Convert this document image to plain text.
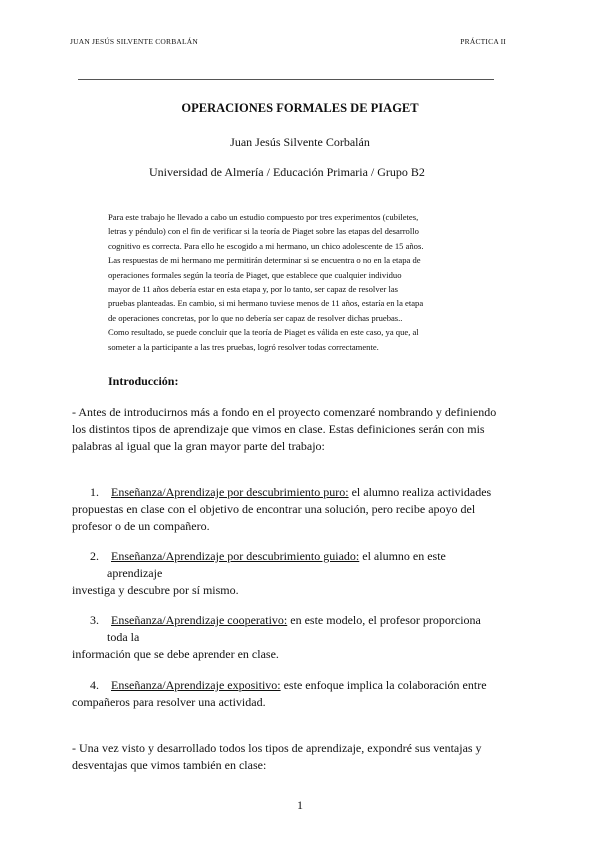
JUAN JESÚS SILVENTE CORBALÁN	PRÁCTICA II
OPERACIONES FORMALES DE PIAGET
Juan Jesús Silvente Corbalán
Universidad de Almería / Educación Primaria / Grupo B2
Para este trabajo he llevado a cabo un estudio compuesto por tres experimentos (cubiletes,
letras y péndulo) con el fin de verificar si la teoría de Piaget sobre las etapas del desarrollo
cognitivo es correcta. Para ello he escogido a mi hermano, un chico adolescente de 15 años.
Las respuestas de mi hermano me permitirán determinar si se encuentra o no en la etapa de
operaciones formales según la teoría de Piaget, que establece que cualquier individuo
mayor de 11 años debería estar en esta etapa y, por lo tanto, ser capaz de resolver las
pruebas planteadas. En cambio, si mi hermano tuviese menos de 11 años, estaría en la etapa
de operaciones concretas, por lo que no debería ser capaz de resolver dichas pruebas..
Como resultado, se puede concluir que la teoría de Piaget es válida en este caso, ya que, al
someter a la participante a las tres pruebas, logró resolver todas correctamente.
Introducción:
- Antes de introducirnos más a fondo en el proyecto comenzaré nombrando y definiendo
los distintos tipos de aprendizaje que vimos en clase. Estas definiciones serán con mis
palabras al igual que la gran mayor parte del trabajo:
1. Enseñanza/Aprendizaje por descubrimiento puro: el alumno realiza actividades
propuestas en clase con el objetivo de encontrar una solución, pero recibe apoyo del
profesor o de un compañero.
2. Enseñanza/Aprendizaje por descubrimiento guiado: el alumno en este
aprendizaje
investiga y descubre por sí mismo.
3. Enseñanza/Aprendizaje cooperativo: en este modelo, el profesor proporciona
toda la
información que se debe aprender en clase.
4. Enseñanza/Aprendizaje expositivo: este enfoque implica la colaboración entre
compañeros para resolver una actividad.
- Una vez visto y desarrollado todos los tipos de aprendizaje, expondré sus ventajas y
desventajas que vimos también en clase:
1
